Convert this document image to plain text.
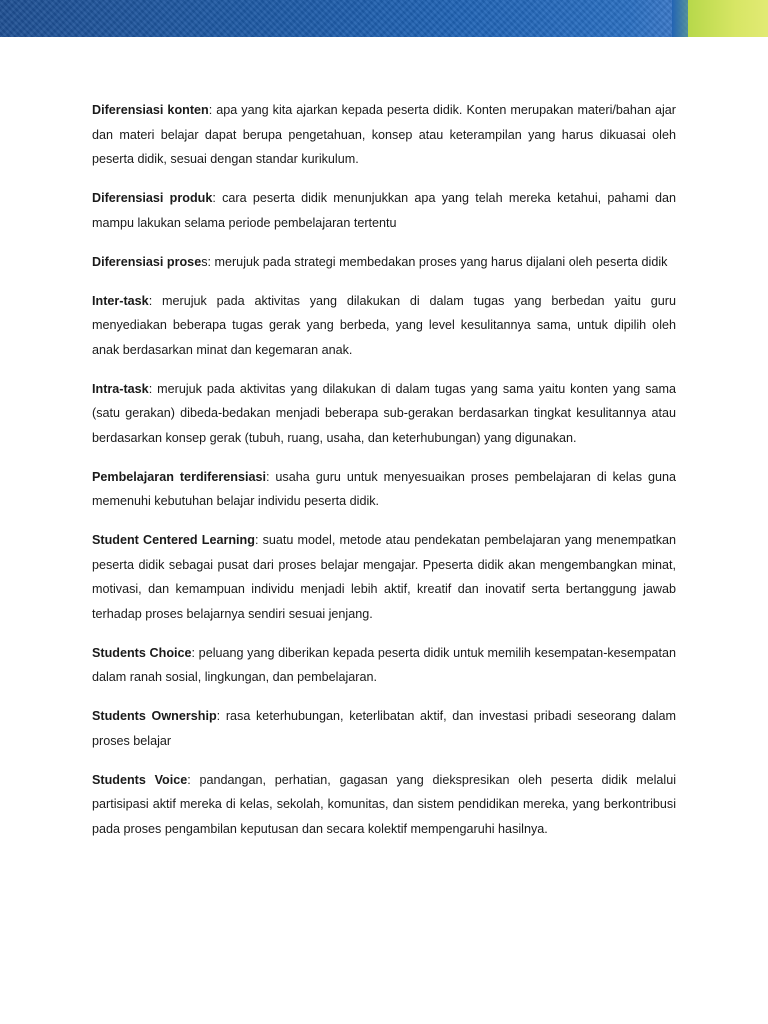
Diferensiasi konten: apa yang kita ajarkan kepada peserta didik. Konten merupakan materi/bahan ajar dan materi belajar dapat berupa pengetahuan, konsep atau keterampilan yang harus dikuasai oleh peserta didik, sesuai dengan standar kurikulum.

Diferensiasi produk: cara peserta didik menunjukkan apa yang telah mereka ketahui, pahami dan mampu lakukan selama periode pembelajaran tertentu

Diferensiasi proses: merujuk pada strategi membedakan proses yang harus dijalani oleh peserta didik

Inter-task: merujuk pada aktivitas yang dilakukan di dalam tugas yang berbedan yaitu guru menyediakan beberapa tugas gerak yang berbeda, yang level kesulitannya sama, untuk dipilih oleh anak berdasarkan minat dan kegemaran anak.

Intra-task: merujuk pada aktivitas yang dilakukan di dalam tugas yang sama yaitu konten yang sama (satu gerakan) dibeda-bedakan menjadi beberapa sub-gerakan berdasarkan tingkat kesulitannya atau berdasarkan konsep gerak (tubuh, ruang, usaha, dan keterhubungan) yang digunakan.

Pembelajaran terdiferensiasi: usaha guru untuk menyesuaikan proses pembelajaran di kelas guna memenuhi kebutuhan belajar individu peserta didik.

Student Centered Learning: suatu model, metode atau pendekatan pembelajaran yang menempatkan peserta didik sebagai pusat dari proses belajar mengajar. Ppeserta didik akan mengembangkan minat, motivasi, dan kemampuan individu menjadi lebih aktif, kreatif dan inovatif serta bertanggung jawab terhadap proses belajarnya sendiri sesuai jenjang.

Students Choice: peluang yang diberikan kepada peserta didik untuk memilih kesempatan-kesempatan dalam ranah sosial, lingkungan, dan pembelajaran.

Students Ownership: rasa keterhubungan, keterlibatan aktif, dan investasi pribadi seseorang dalam proses belajar

Students Voice: pandangan, perhatian, gagasan yang diekspresikan oleh peserta didik melalui partisipasi aktif mereka di kelas, sekolah, komunitas, dan sistem pendidikan mereka, yang berkontribusi pada proses pengambilan keputusan dan secara kolektif mempengaruhi hasilnya.
